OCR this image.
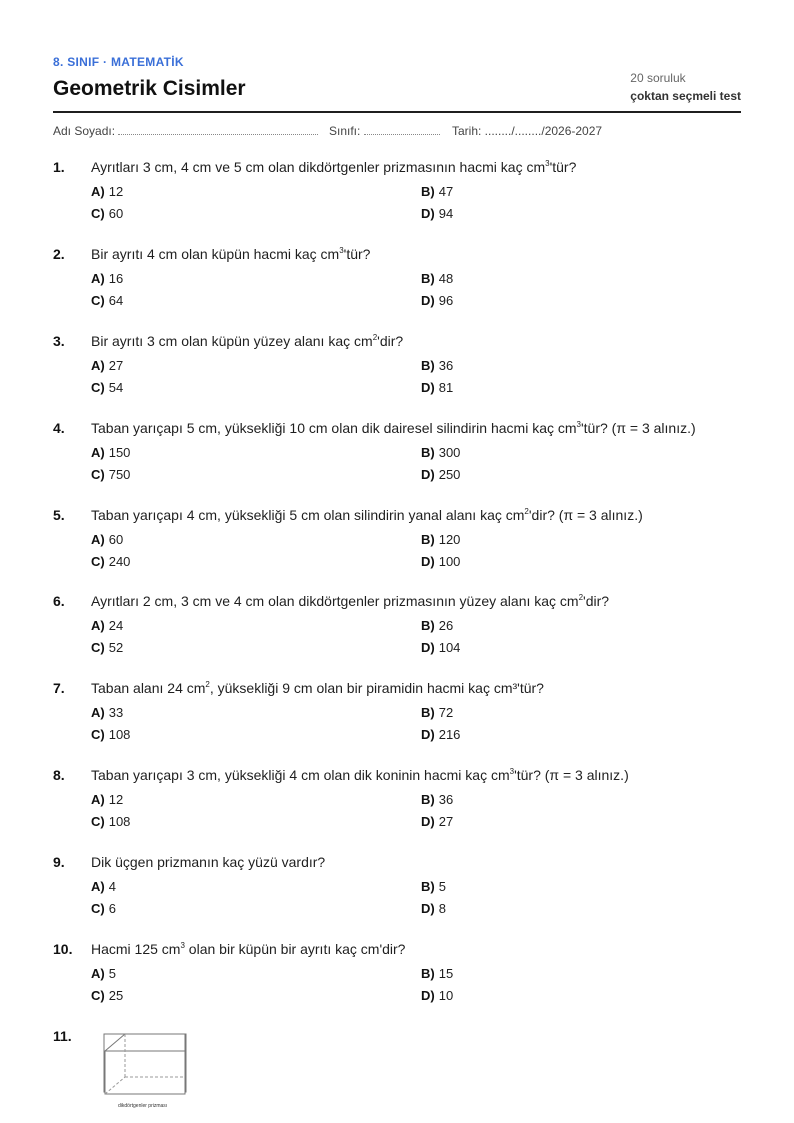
8. SINIF · MATEMATİK
Geometrik Cisimler	20 soruluk
çoktan seçmeli test
Adı Soyadı:	Sınıfı:	Tarih: ......../......../2026-2027
1. Ayrıtları 3 cm, 4 cm ve 5 cm olan dikdörtgenler prizmasının hacmi kaç $cm^3'tür$?
A) 12	B) 47
C) 60	D) 94
2. Bir ayrıtı 4 cm olan küpün hacmi kaç $cm^3'tür$?
A) 16	B) 48
C) 64	D) 96
3. Bir ayrıtı 3 cm olan küpün yüzey alanı kaç $cm^2'dir$?
A) 27	B) 36
C) 54	D) 81
4. Taban yarıçapı 5 cm, yüksekliği 10 cm olan dik dairesel silindirin hacmi kaç $cm^3'tür$? (π = 3 alınız.)
A) 150	B) 300
C) 750	D) 250
5. Taban yarıçapı 4 cm, yüksekliği 5 cm olan silindirin yanal alanı kaç $cm^2'dir$? (π = 3 alınız.)
A) 60	B) 120
C) 240	D) 100
6. Ayrıtları 2 cm, 3 cm ve 4 cm olan dikdörtgenler prizmasının yüzey alanı kaç $cm^2'dir$?
A) 24	B) 26
C) 52	D) 104
7. Taban alanı 24 $cm^2$, yüksekliği 9 cm olan bir piramidin hacmi kaç cm³'tür?
A) 33	B) 72
C) 108	D) 216
8. Taban yarıçapı 3 cm, yüksekliği 4 cm olan dik koninin hacmi kaç $cm^3'tür$? (π = 3 alınız.)
A) 12	B) 36
C) 108	D) 27
9. Dik üçgen prizmanın kaç yüzü vardır?
A) 4	B) 5
C) 6	D) 8
10. Hacmi 125 $cm^3$ olan bir küpün bir ayrıtı kaç cm'dir?
A) 5	B) 15
C) 25	D) 10
11.
dikdörtgenler prizması
